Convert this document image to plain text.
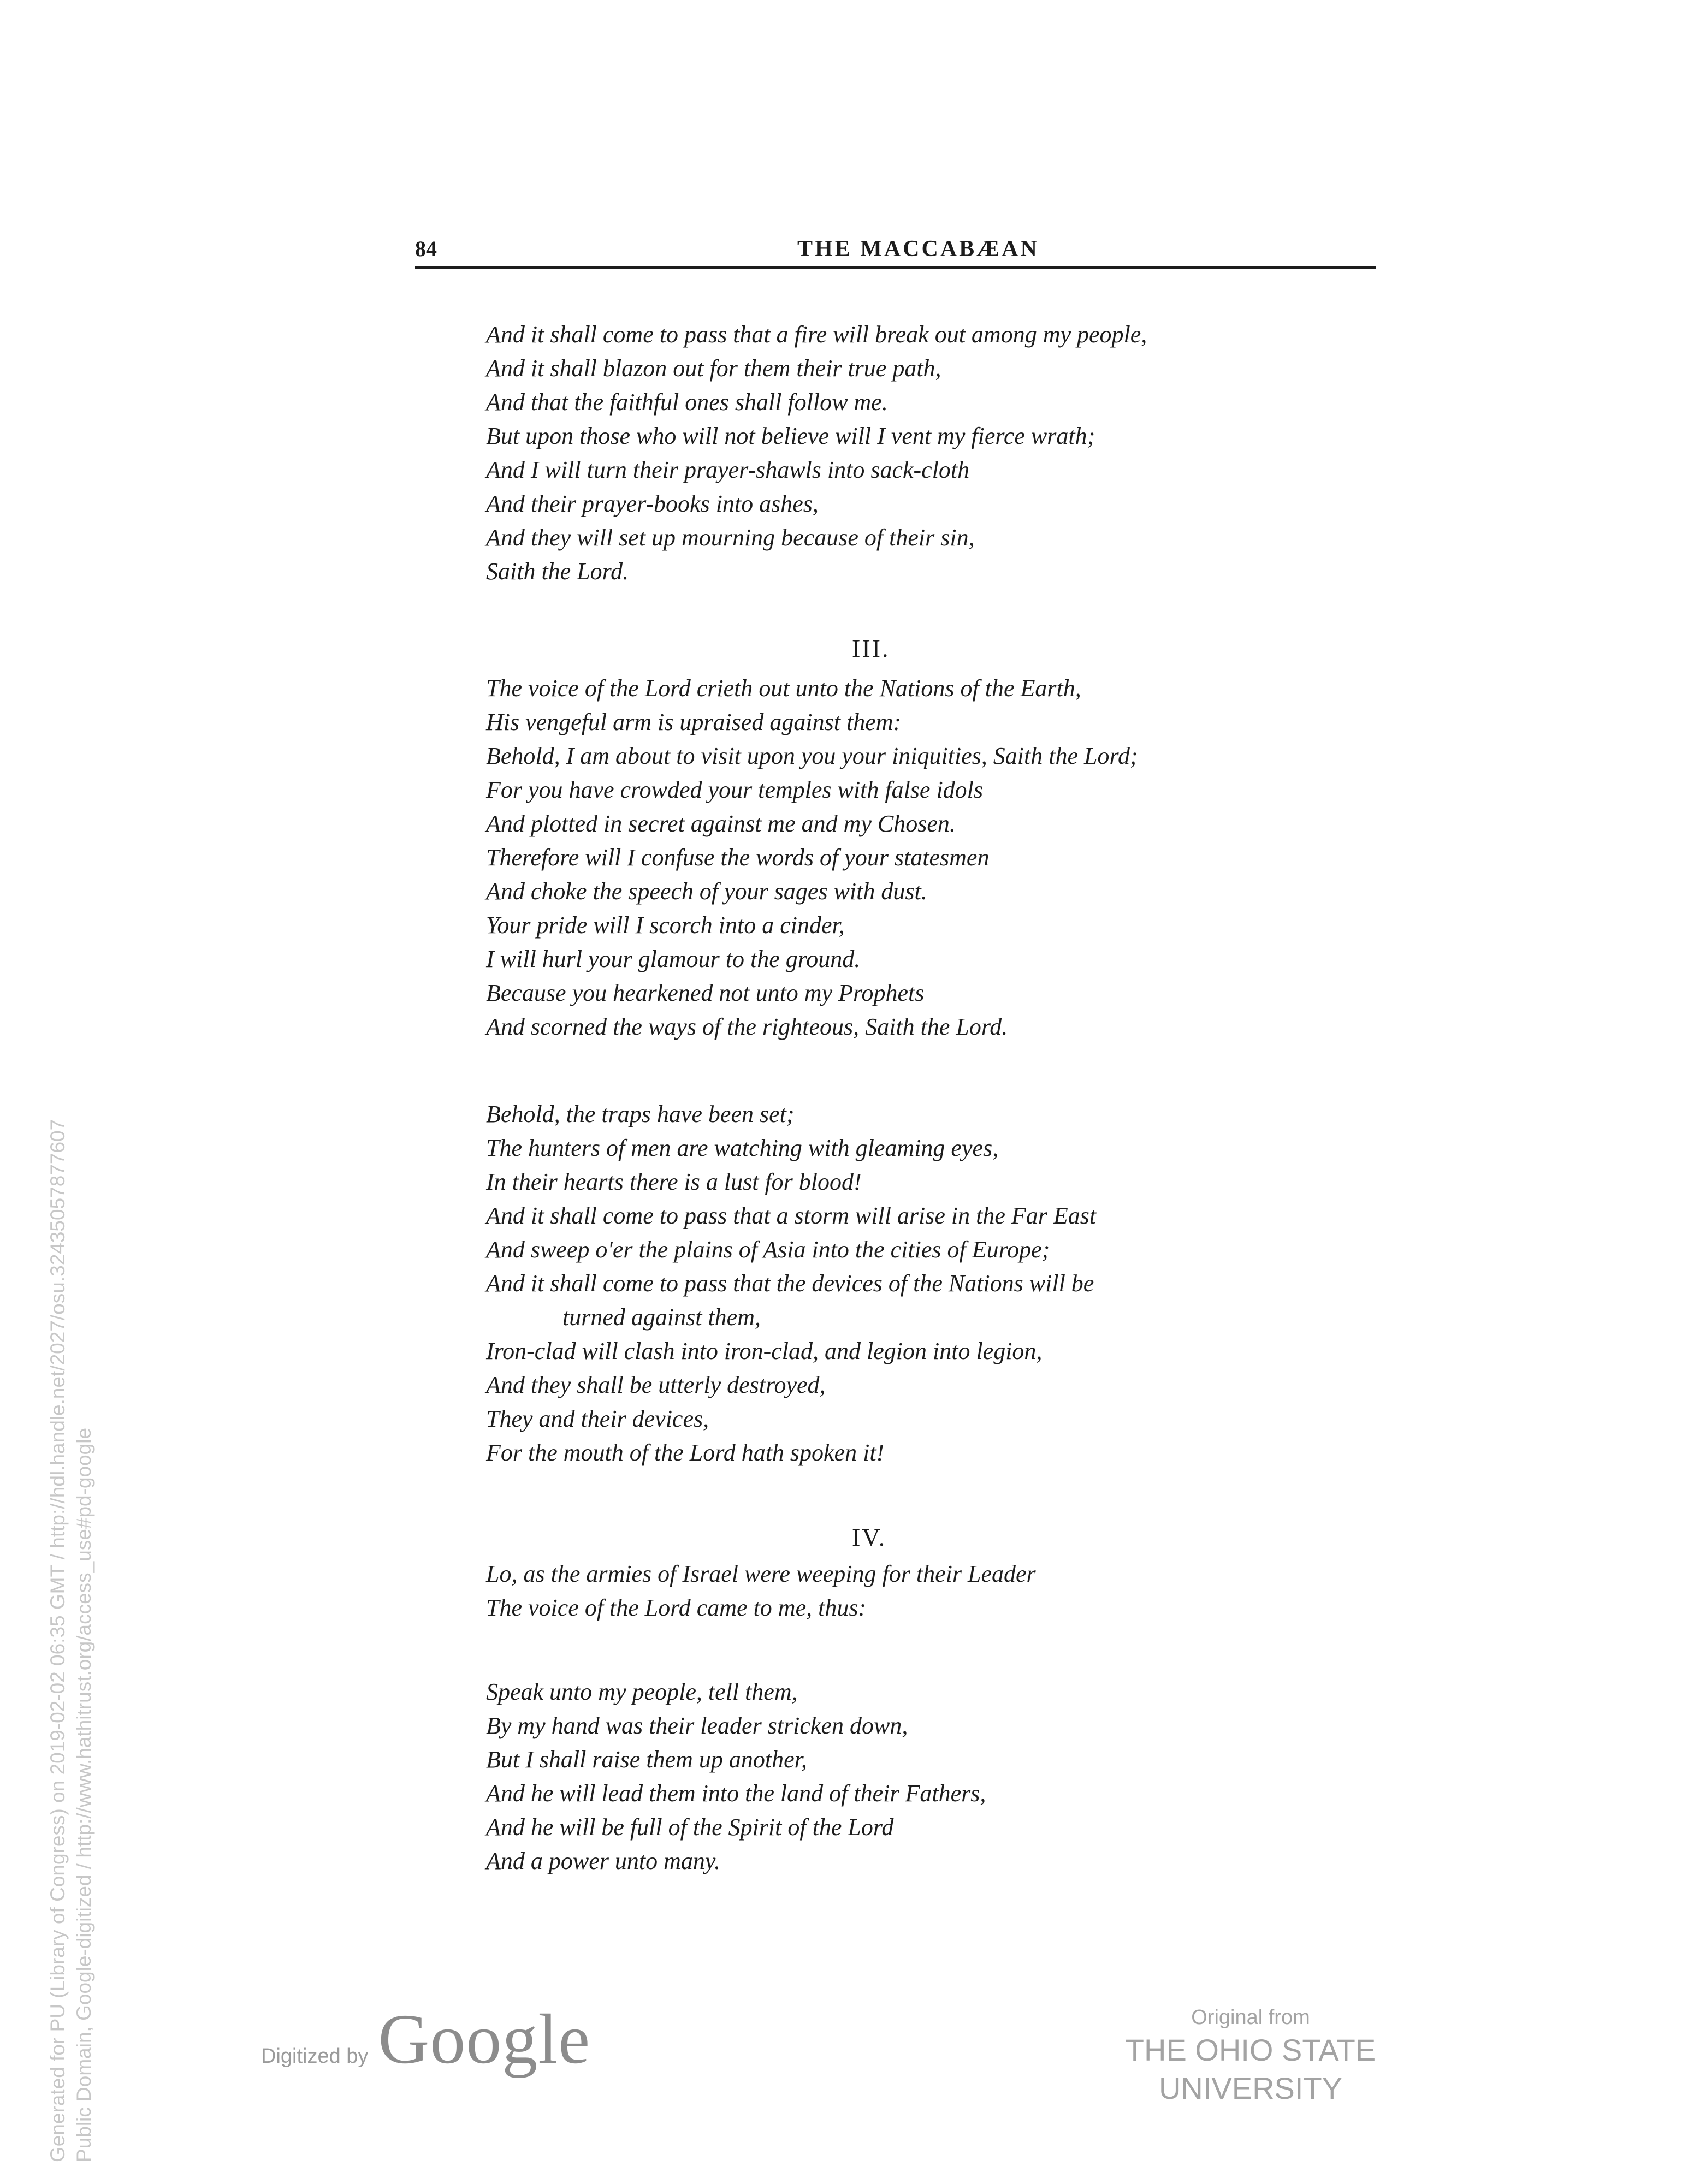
84	THE MACCABÆAN
And it shall come to pass that a fire will break out among my people,
And it shall blazon out for them their true path,
And that the faithful ones shall follow me.
But upon those who will not believe will I vent my fierce wrath;
And I will turn their prayer-shawls into sack-cloth
And their prayer-books into ashes,
And they will set up mourning because of their sin,
Saith the Lord.
III.
The voice of the Lord crieth out unto the Nations of the Earth,
His vengeful arm is upraised against them:
Behold, I am about to visit upon you your iniquities, Saith the Lord;
For you have crowded your temples with false idols
And plotted in secret against me and my Chosen.
Therefore will I confuse the words of your statesmen
And choke the speech of your sages with dust.
Your pride will I scorch into a cinder,
I will hurl your glamour to the ground.
Because you hearkened not unto my Prophets
And scorned the ways of the righteous, Saith the Lord.
Behold, the traps have been set;
The hunters of men are watching with gleaming eyes,
In their hearts there is a lust for blood!
And it shall come to pass that a storm will arise in the Far East
And sweep o'er the plains of Asia into the cities of Europe;
And it shall come to pass that the devices of the Nations will be
turned against them,
Iron-clad will clash into iron-clad, and legion into legion,
And they shall be utterly destroyed,
They and their devices,
For the mouth of the Lord hath spoken it!
IV.
Lo, as the armies of Israel were weeping for their Leader
The voice of the Lord came to me, thus:
Speak unto my people, tell them,
By my hand was their leader stricken down,
But I shall raise them up another,
And he will lead them into the land of their Fathers,
And he will be full of the Spirit of the Lord
And a power unto many.
Generated for PU (Library of Congress) on 2019-02-02 06:35 GMT / http://hdl.handle.net/2027/osu.32435057877607 Public Domain, Google-digitized / http://www.hathitrust.org/access_use#pd-google	Digitized by Google	Original from
THE OHIO STATE UNIVERSITY
